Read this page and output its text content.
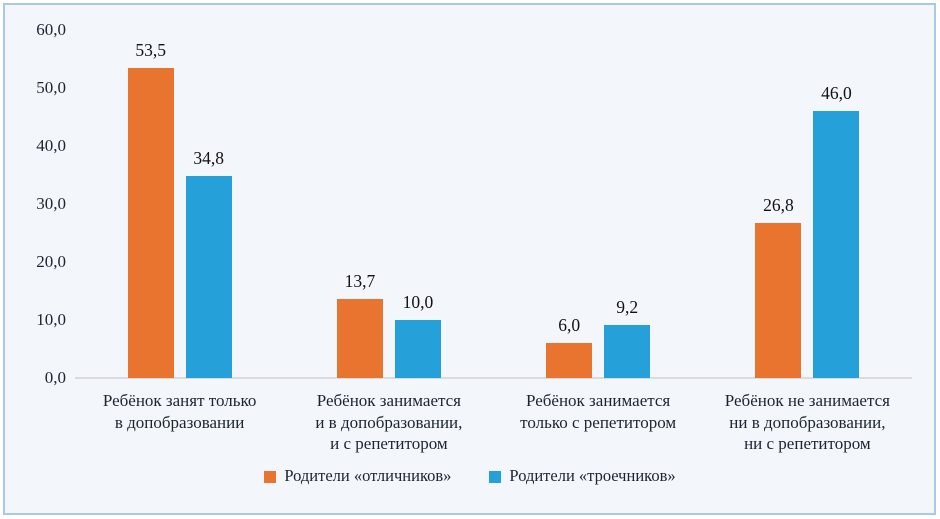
0,0
10,0
20,0
30,0
40,0
50,0
60,0
53,5
34,8
13,7
10,0
6,0
9,2
26,8
46,0
Ребёнок занят только
в допобразовании
Ребёнок занимается
и в допобразовании,
и с репетитором
Ребёнок занимается
только с репетитором
Ребёнок не занимается
ни в допобразовании,
ни с репетитором
Родители «отличников»	Родители «троечников»
